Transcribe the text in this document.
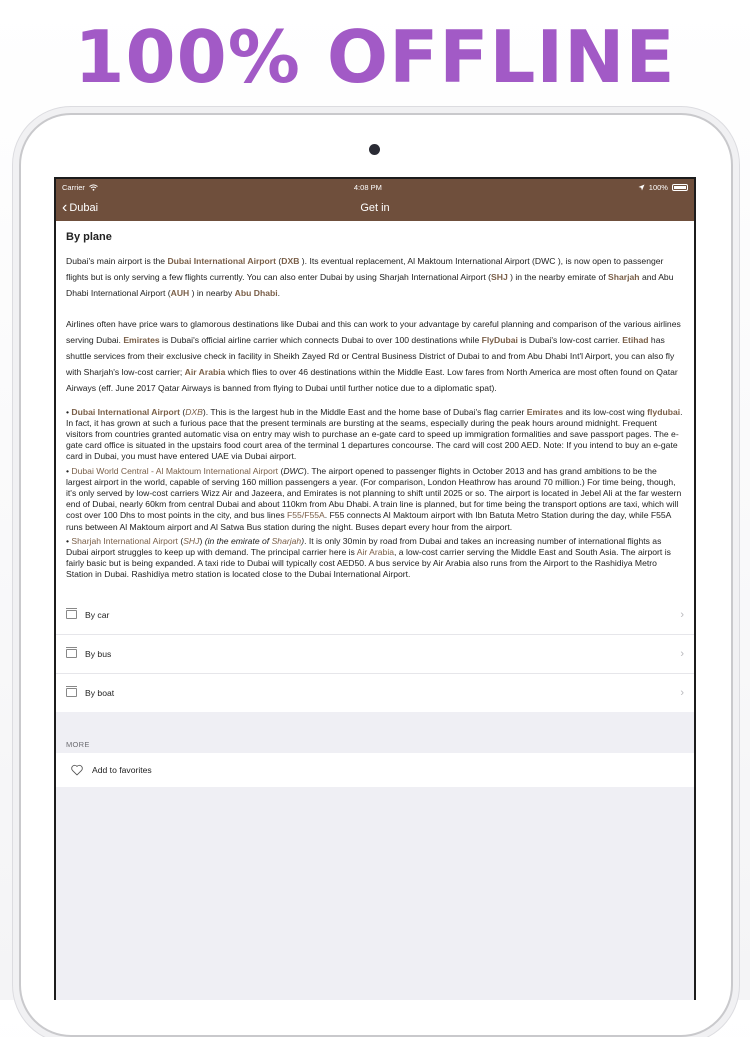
100% OFFLINE
Carrier	4:08 PM	100%
‹ Dubai	Get in
By plane

Dubai's main airport is the Dubai International Airport (DXB ). Its eventual replacement, Al Maktoum International Airport (DWC ), is now open to passenger flights but is only serving a few flights currently. You can also enter Dubai by using Sharjah International Airport (SHJ ) in the nearby emirate of Sharjah and Abu Dhabi International Airport (AUH ) in nearby Abu Dhabi.

Airlines often have price wars to glamorous destinations like Dubai and this can work to your advantage by careful planning and comparison of the various airlines serving Dubai. Emirates is Dubai's official airline carrier which connects Dubai to over 100 destinations while FlyDubai is Dubai's low-cost carrier. Etihad has shuttle services from their exclusive check in facility in Sheikh Zayed Rd or Central Business District of Dubai to and from Abu Dhabi Int'l Airport, you can also fly with Sharjah's low-cost carrier; Air Arabia which flies to over 46 destinations within the Middle East. Low fares from North America are most often found on Qatar Airways (eff. June 2017 Qatar Airways is banned from flying to Dubai until further notice due to a diplomatic spat).

• Dubai International Airport (DXB). This is the largest hub in the Middle East and the home base of Dubai's flag carrier Emirates and its low-cost wing flydubai. In fact, it has grown at such a furious pace that the present terminals are bursting at the seams, especially during the peak hours around midnight. Frequent visitors from countries granted automatic visa on entry may wish to purchase an e-gate card to speed up immigration formalities and save passport pages. The e-gate card office is situated in the upstairs food court area of the terminal 1 departures concourse. The card will cost 200 AED. Note: If you intend to buy an e-gate card in Dubai, you must have entered UAE via Dubai airport.
• Dubai World Central - Al Maktoum International Airport (DWC). The airport opened to passenger flights in October 2013 and has grand ambitions to be the largest airport in the world, capable of serving 160 million passengers a year. (For comparison, London Heathrow has around 70 million.) For time being, though, it's only served by low-cost carriers Wizz Air and Jazeera, and Emirates is not planning to shift until 2025 or so. The airport is located in Jebel Ali at the far western end of Dubai, nearly 60km from central Dubai and about 110km from Abu Dhabi. A train line is planned, but for time being the transport options are taxi, which will cost over 100 Dhs to most points in the city, and bus lines F55/F55A. F55 connects Al Maktoum airport with Ibn Batuta Metro Station during the day, while F55A runs between Al Maktoum airport and Al Satwa Bus station during the night. Buses depart every hour from the airport.
• Sharjah International Airport (SHJ) (in the emirate of Sharjah). It is only 30min by road from Dubai and takes an increasing number of international flights as Dubai airport struggles to keep up with demand. The principal carrier here is Air Arabia, a low-cost carrier serving the Middle East and South Asia. The airport is fairly basic but is being expanded. A taxi ride to Dubai will typically cost AED50. A bus service by Air Arabia also runs from the Airport to the Rashidiya Metro Station in Dubai. Rashidiya metro station is located close to the Dubai International Airport.
By car	›
By bus	›
By boat	›
MORE
Add to favorites
